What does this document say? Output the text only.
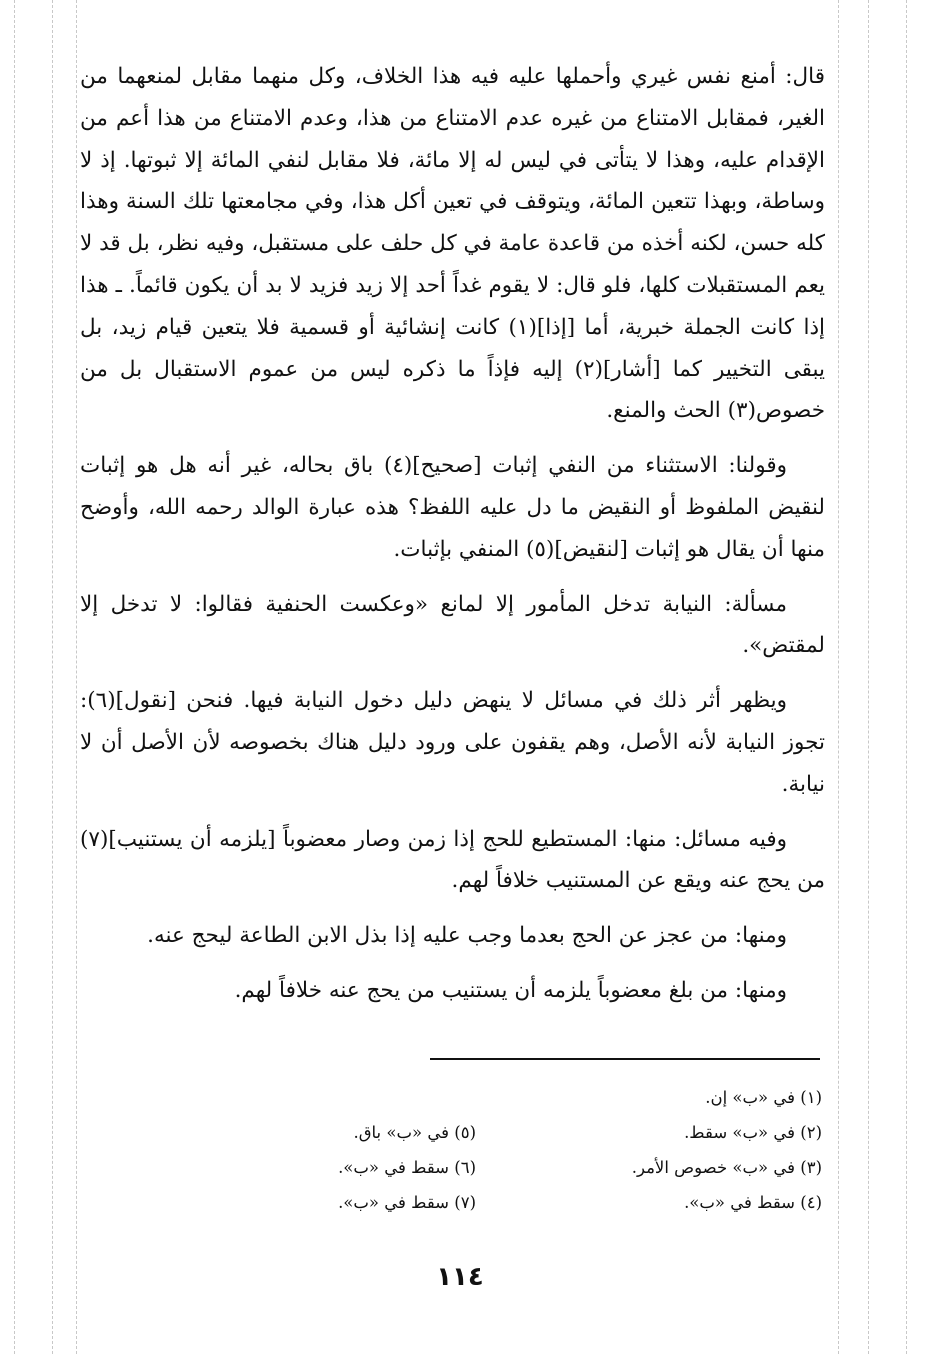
قال: أمنع نفس غيري وأحملها عليه فيه هذا الخلاف، وكل منهما مقابل لمنعهما من الغير، فمقابل الامتناع من غيره عدم الامتناع من هذا، وعدم الامتناع من هذا أعم من الإقدام عليه، وهذا لا يتأتى في ليس له إلا مائة، فلا مقابل لنفي المائة إلا ثبوتها. إذ لا وساطة، وبهذا تتعين المائة، ويتوقف في تعين أكل هذا، وفي مجامعتها تلك السنة وهذا كله حسن، لكنه أخذه من قاعدة عامة في كل حلف على مستقبل، وفيه نظر، بل قد لا يعم المستقبلات كلها، فلو قال: لا يقوم غداً أحد إلا زيد فزيد لا بد أن يكون قائماً. ـ هذا إذا كانت الجملة خبرية، أما [إذا](١) كانت إنشائية أو قسمية فلا يتعين قيام زيد، بل يبقى التخيير كما [أشار](٢) إليه فإذاً ما ذكره ليس من عموم الاستقبال بل من خصوص(٣) الحث والمنع.

وقولنا: الاستثناء من النفي إثبات [صحيح](٤) باق بحاله، غير أنه هل هو إثبات لنقيض الملفوظ أو النقيض ما دل عليه اللفظ؟ هذه عبارة الوالد رحمه الله، وأوضح منها أن يقال هو إثبات [لنقيض](٥) المنفي بإثبات.

مسألة: النيابة تدخل المأمور إلا لمانع «وعكست الحنفية فقالوا: لا تدخل إلا لمقتض».

ويظهر أثر ذلك في مسائل لا ينهض دليل دخول النيابة فيها. فنحن [نقول](٦): تجوز النيابة لأنه الأصل، وهم يقفون على ورود دليل هناك بخصوصه لأن الأصل أن لا نيابة.

وفيه مسائل: منها: المستطيع للحج إذا زمن وصار معضوباً [يلزمه أن يستنيب](٧) من يحج عنه ويقع عن المستنيب خلافاً لهم.

ومنها: من عجز عن الحج بعدما وجب عليه إذا بذل الابن الطاعة ليحج عنه.

ومنها: من بلغ معضوباً يلزمه أن يستنيب من يحج عنه خلافاً لهم.

(١) في «ب» إن.
(٢) في «ب» سقط.
(٣) في «ب» خصوص الأمر.
(٤) سقط في «ب».
(٥) في «ب» باق.
(٦) سقط في «ب».
(٧) سقط في «ب».
١١٤
